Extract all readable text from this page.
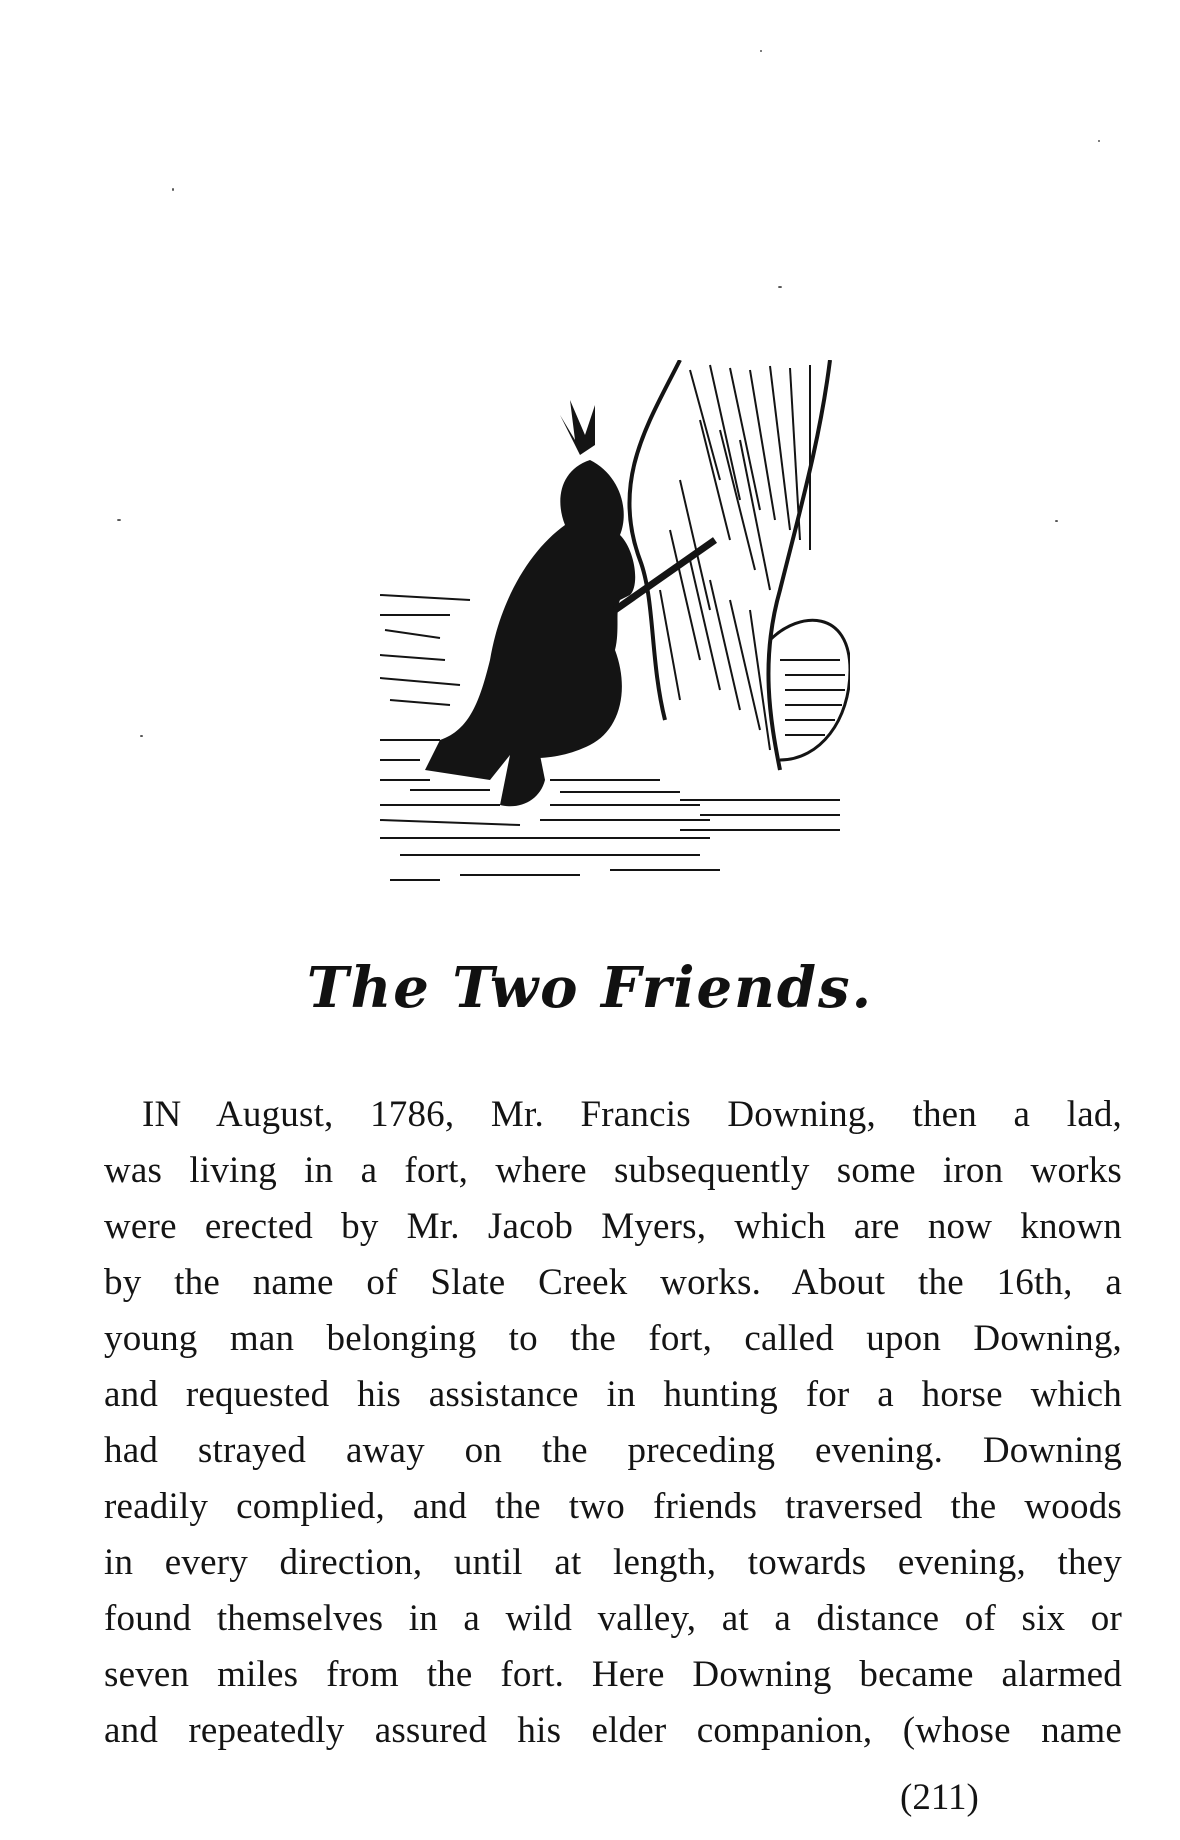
The Two Friends.
IN August, 1786, Mr. Francis Downing, then a lad,
was living in a fort, where subsequently some iron works
were erected by Mr. Jacob Myers, which are now known
by the name of Slate Creek works. About the 16th, a
young man belonging to the fort, called upon Downing,
and requested his assistance in hunting for a horse which
had strayed away on the preceding evening. Downing
readily complied, and the two friends traversed the woods
in every direction, until at length, towards evening, they
found themselves in a wild valley, at a distance of six or
seven miles from the fort. Here Downing became alarmed
and repeatedly assured his elder companion, (whose name
(211)
